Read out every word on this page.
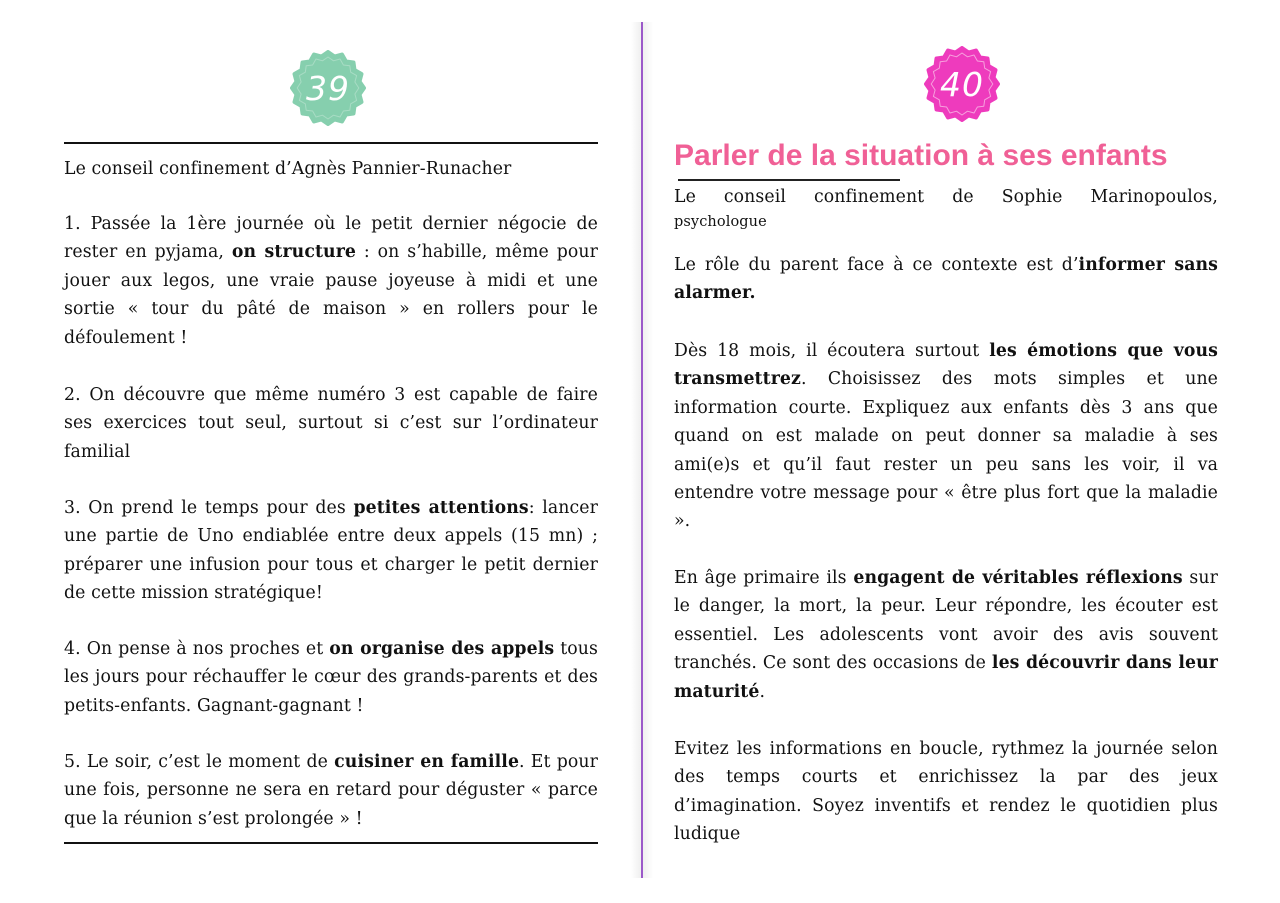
39

Le conseil confinement d’Agnès Pannier-Runacher

1. Passée la 1ère journée où le petit dernier négocie de rester en pyjama, on structure : on s’habille, même pour jouer aux legos, une vraie pause joyeuse à midi et une sortie « tour du pâté de maison » en rollers pour le défoulement !

2. On découvre que même numéro 3 est capable de faire ses exercices tout seul, surtout si c’est sur l’ordinateur familial

3. On prend le temps pour des petites attentions: lancer une partie de Uno endiablée entre deux appels (15 mn) ; préparer une infusion pour tous et charger le petit dernier de cette mission stratégique!

4. On pense à nos proches et on organise des appels tous les jours pour réchauffer le cœur des grands-parents et des petits-enfants. Gagnant-gagnant !

5. Le soir, c’est le moment de cuisiner en famille. Et pour une fois, personne ne sera en retard pour déguster « parce que la réunion s’est prolongée » !

40
Parler de la situation à ses enfants

Le conseil confinement de Sophie Marinopoulos,
psychologue

Le rôle du parent face à ce contexte est d’informer sans alarmer.

Dès 18 mois, il écoutera surtout les émotions que vous transmettrez. Choisissez des mots simples et une information courte. Expliquez aux enfants dès 3 ans que quand on est malade on peut donner sa maladie à ses ami(e)s et qu’il faut rester un peu sans les voir, il va entendre votre message pour « être plus fort que la maladie ».

En âge primaire ils engagent de véritables réflexions sur le danger, la mort, la peur. Leur répondre, les écouter est essentiel. Les adolescents vont avoir des avis souvent tranchés. Ce sont des occasions de les découvrir dans leur maturité.

Evitez les informations en boucle, rythmez la journée selon des temps courts et enrichissez la par des jeux d’imagination. Soyez inventifs et rendez le quotidien plus ludique
